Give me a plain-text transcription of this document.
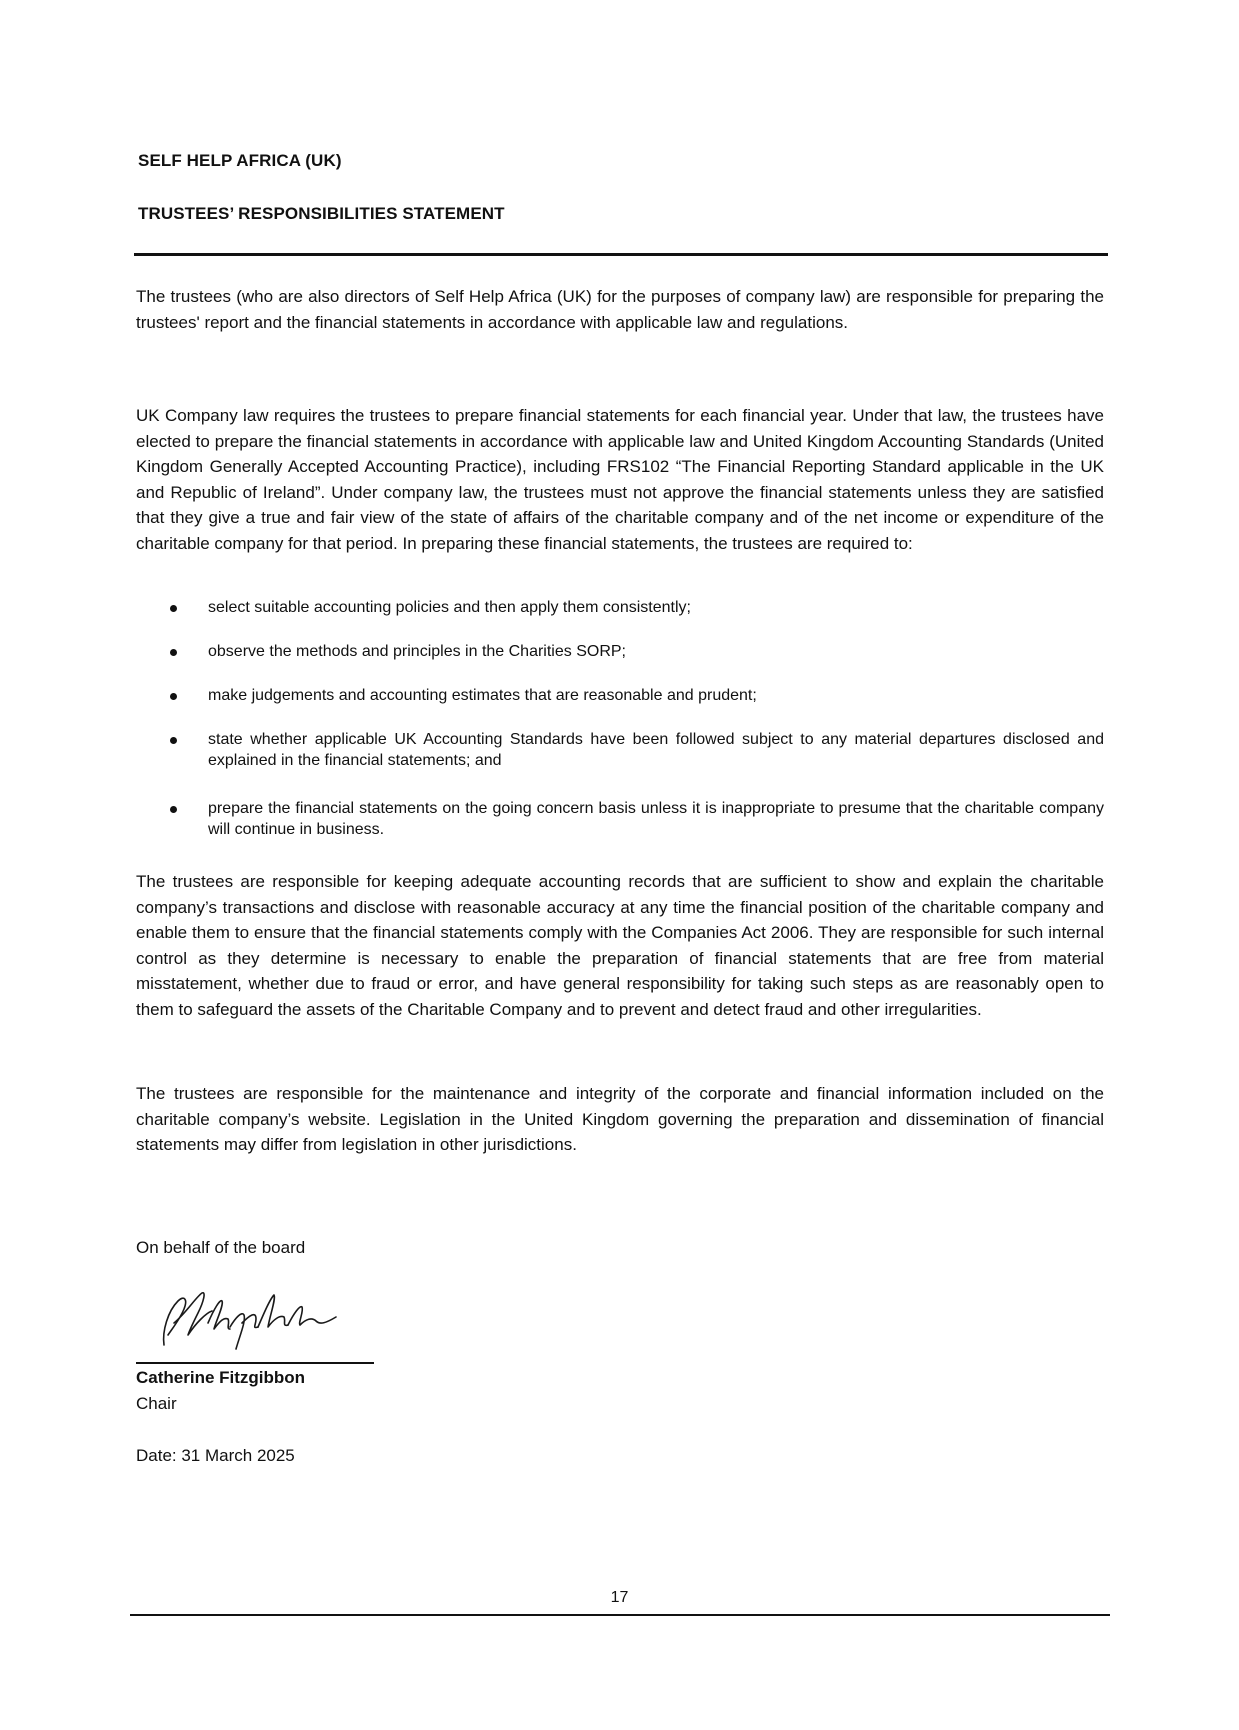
SELF HELP AFRICA (UK)
TRUSTEES’ RESPONSIBILITIES STATEMENT
The trustees (who are also directors of Self Help Africa (UK) for the purposes of company law) are responsible for preparing the trustees' report and the financial statements in accordance with applicable law and regulations.
UK Company law requires the trustees to prepare financial statements for each financial year. Under that law, the trustees have elected to prepare the financial statements in accordance with applicable law and United Kingdom Accounting Standards (United Kingdom Generally Accepted Accounting Practice), including FRS102 “The Financial Reporting Standard applicable in the UK and Republic of Ireland”. Under company law, the trustees must not approve the financial statements unless they are satisfied that they give a true and fair view of the state of affairs of the charitable company and of the net income or expenditure of the charitable company for that period. In preparing these financial statements, the trustees are required to:
select suitable accounting policies and then apply them consistently;
observe the methods and principles in the Charities SORP;
make judgements and accounting estimates that are reasonable and prudent;
state whether applicable UK Accounting Standards have been followed subject to any material departures disclosed and explained in the financial statements; and
prepare the financial statements on the going concern basis unless it is inappropriate to presume that the charitable company will continue in business.
The trustees are responsible for keeping adequate accounting records that are sufficient to show and explain the charitable company’s transactions and disclose with reasonable accuracy at any time the financial position of the charitable company and enable them to ensure that the financial statements comply with the Companies Act 2006. They are responsible for such internal control as they determine is necessary to enable the preparation of financial statements that are free from material misstatement, whether due to fraud or error, and have general responsibility for taking such steps as are reasonably open to them to safeguard the assets of the Charitable Company and to prevent and detect fraud and other irregularities.
The trustees are responsible for the maintenance and integrity of the corporate and financial information included on the charitable company’s website. Legislation in the United Kingdom governing the preparation and dissemination of financial statements may differ from legislation in other jurisdictions.
On behalf of the board
Catherine Fitzgibbon
Chair
Date: 31 March 2025
17
